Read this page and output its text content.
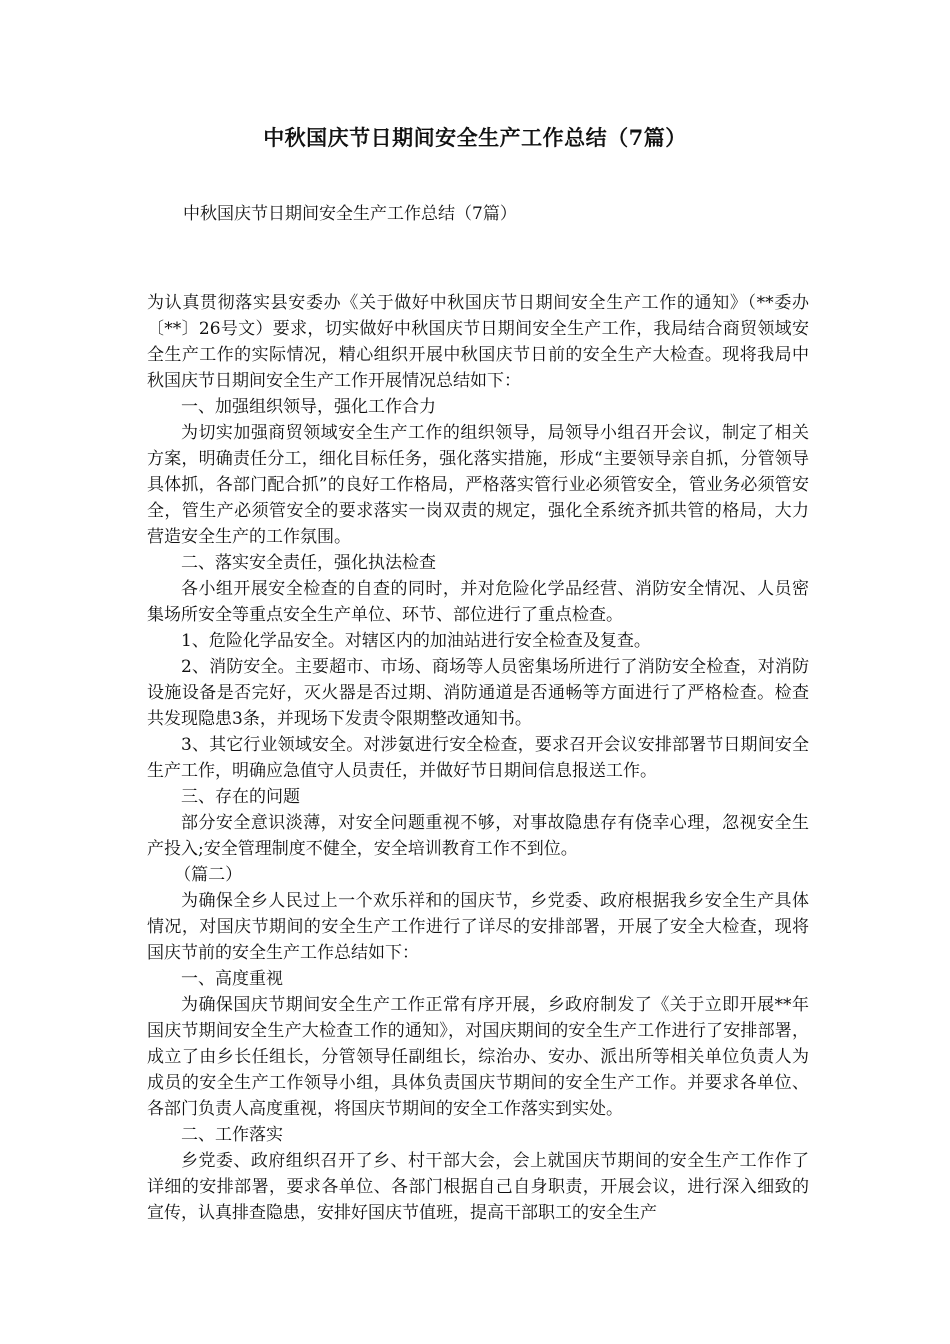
中秋国庆节日期间安全生产工作总结（7篇）

中秋国庆节日期间安全生产工作总结（7篇）

为认真贯彻落实县安委办《关于做好中秋国庆节日期间安全生产工作的通知》（**委办〔**〕26号文）要求，切实做好中秋国庆节日期间安全生产工作，我局结合商贸领域安全生产工作的实际情况，精心组织开展中秋国庆节日前的安全生产大检查。现将我局中秋国庆节日期间安全生产工作开展情况总结如下：

一、加强组织领导，强化工作合力

为切实加强商贸领域安全生产工作的组织领导，局领导小组召开会议，制定了相关方案，明确责任分工，细化目标任务，强化落实措施，形成“主要领导亲自抓，分管领导具体抓，各部门配合抓”的良好工作格局，严格落实管行业必须管安全，管业务必须管安全，管生产必须管安全的要求落实一岗双责的规定，强化全系统齐抓共管的格局，大力营造安全生产的工作氛围。

二、落实安全责任，强化执法检查

各小组开展安全检查的自查的同时，并对危险化学品经营、消防安全情况、人员密集场所安全等重点安全生产单位、环节、部位进行了重点检查。

1、危险化学品安全。对辖区内的加油站进行安全检查及复查。

2、消防安全。主要超市、市场、商场等人员密集场所进行了消防安全检查，对消防设施设备是否完好，灭火器是否过期、消防通道是否通畅等方面进行了严格检查。检查共发现隐患3条，并现场下发责令限期整改通知书。

3、其它行业领域安全。对涉氨进行安全检查，要求召开会议安排部署节日期间安全生产工作，明确应急值守人员责任，并做好节日期间信息报送工作。

三、存在的问题

部分安全意识淡薄，对安全问题重视不够，对事故隐患存有侥幸心理，忽视安全生产投入;安全管理制度不健全，安全培训教育工作不到位。

（篇二）

为确保全乡人民过上一个欢乐祥和的国庆节，乡党委、政府根据我乡安全生产具体情况，对国庆节期间的安全生产工作进行了详尽的安排部署，开展了安全大检查，现将国庆节前的安全生产工作总结如下：

一、高度重视

为确保国庆节期间安全生产工作正常有序开展，乡政府制发了《关于立即开展**年国庆节期间安全生产大检查工作的通知》，对国庆期间的安全生产工作进行了安排部署，成立了由乡长任组长，分管领导任副组长，综治办、安办、派出所等相关单位负责人为成员的安全生产工作领导小组，具体负责国庆节期间的安全生产工作。并要求各单位、各部门负责人高度重视，将国庆节期间的安全工作落实到实处。

二、工作落实

乡党委、政府组织召开了乡、村干部大会，会上就国庆节期间的安全生产工作作了详细的安排部署，要求各单位、各部门根据自己自身职责，开展会议，进行深入细致的宣传，认真排查隐患，安排好国庆节值班，提高干部职工的安全生产
